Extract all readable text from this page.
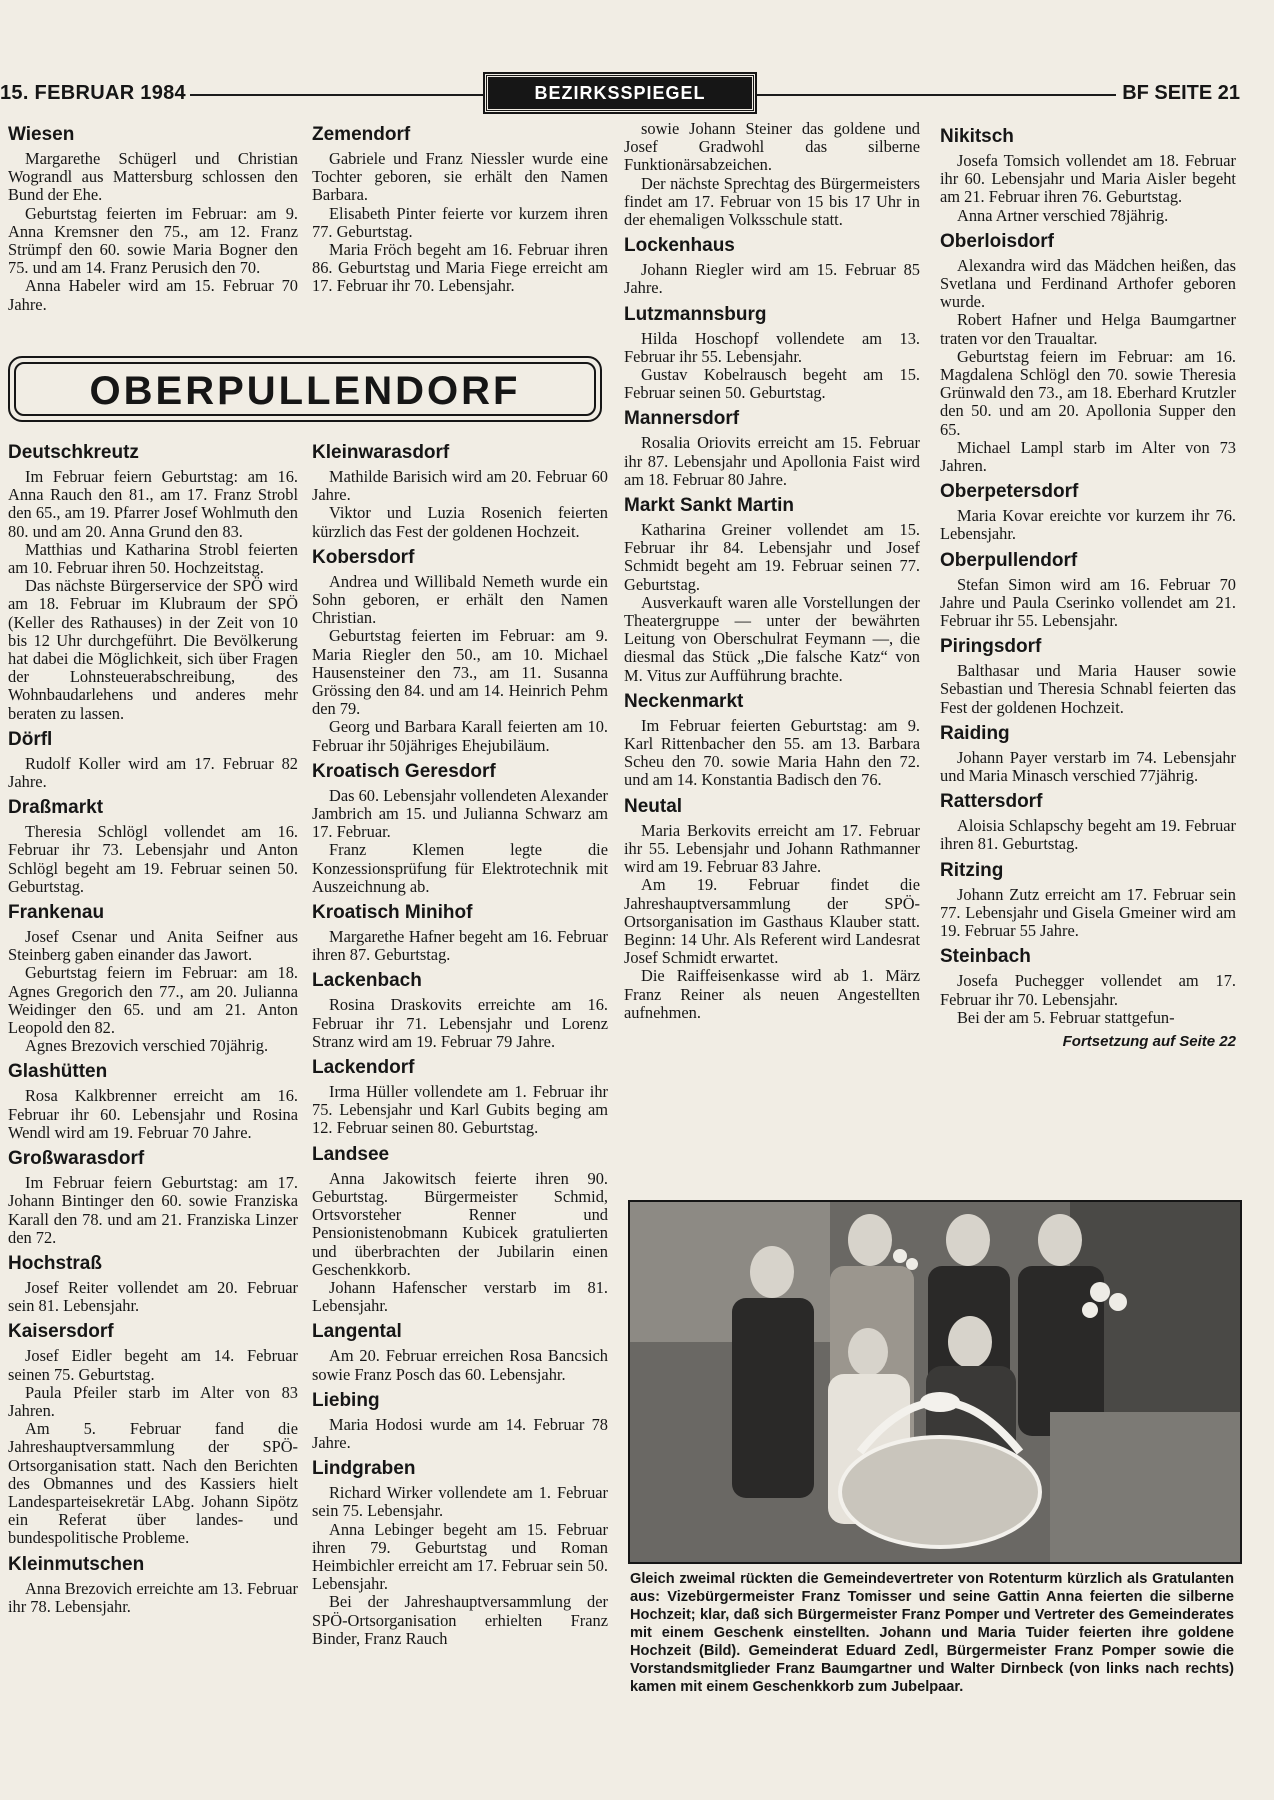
15. FEBRUAR 1984	BEZIRKSSPIEGEL	BF SEITE 21
Wiesen

Margarethe Schügerl und Christian Wograndl aus Mattersburg schlossen den Bund der Ehe.

Geburtstag feierten im Februar: am 9. Anna Kremsner den 75., am 12. Franz Strümpf den 60. sowie Maria Bogner den 75. und am 14. Franz Perusich den 70.

Anna Habeler wird am 15. Februar 70 Jahre.

Zemendorf

Gabriele und Franz Niessler wurde eine Tochter geboren, sie erhält den Namen Barbara.

Elisabeth Pinter feierte vor kurzem ihren 77. Geburtstag.

Maria Fröch begeht am 16. Februar ihren 86. Geburtstag und Maria Fiege erreicht am 17. Februar ihr 70. Lebensjahr.

OBERPULLENDORF
Deutschkreutz

Im Februar feiern Geburtstag: am 16. Anna Rauch den 81., am 17. Franz Strobl den 65., am 19. Pfarrer Josef Wohlmuth den 80. und am 20. Anna Grund den 83.

Matthias und Katharina Strobl feierten am 10. Februar ihren 50. Hochzeitstag.

Das nächste Bürgerservice der SPÖ wird am 18. Februar im Klubraum der SPÖ (Keller des Rathauses) in der Zeit von 10 bis 12 Uhr durchgeführt. Die Bevölkerung hat dabei die Möglichkeit, sich über Fragen der Lohnsteuerabschreibung, des Wohnbaudarlehens und anderes mehr beraten zu lassen.

Dörfl

Rudolf Koller wird am 17. Februar 82 Jahre.

Draßmarkt

Theresia Schlögl vollendet am 16. Februar ihr 73. Lebensjahr und Anton Schlögl begeht am 19. Februar seinen 50. Geburtstag.

Frankenau

Josef Csenar und Anita Seifner aus Steinberg gaben einander das Jawort.

Geburtstag feiern im Februar: am 18. Agnes Gregorich den 77., am 20. Julianna Weidinger den 65. und am 21. Anton Leopold den 82.

Agnes Brezovich verschied 70jährig.

Glashütten

Rosa Kalkbrenner erreicht am 16. Februar ihr 60. Lebensjahr und Rosina Wendl wird am 19. Februar 70 Jahre.

Großwarasdorf

Im Februar feiern Geburtstag: am 17. Johann Bintinger den 60. sowie Franziska Karall den 78. und am 21. Franziska Linzer den 72.

Hochstraß

Josef Reiter vollendet am 20. Februar sein 81. Lebensjahr.

Kaisersdorf

Josef Eidler begeht am 14. Februar seinen 75. Geburtstag.

Paula Pfeiler starb im Alter von 83 Jahren.

Am 5. Februar fand die Jahreshauptversammlung der SPÖ-Ortsorganisation statt. Nach den Berichten des Obmannes und des Kassiers hielt Landesparteisekretär LAbg. Johann Sipötz ein Referat über landes- und bundespolitische Probleme.

Kleinmutschen

Anna Brezovich erreichte am 13. Februar ihr 78. Lebensjahr.

Kleinwarasdorf

Mathilde Barisich wird am 20. Februar 60 Jahre.

Viktor und Luzia Rosenich feierten kürzlich das Fest der goldenen Hochzeit.

Kobersdorf

Andrea und Willibald Nemeth wurde ein Sohn geboren, er erhält den Namen Christian.

Geburtstag feierten im Februar: am 9. Maria Riegler den 50., am 10. Michael Hausensteiner den 73., am 11. Susanna Grössing den 84. und am 14. Heinrich Pehm den 79.

Georg und Barbara Karall feierten am 10. Februar ihr 50jähriges Ehejubiläum.

Kroatisch Geresdorf

Das 60. Lebensjahr vollendeten Alexander Jambrich am 15. und Julianna Schwarz am 17. Februar.

Franz Klemen legte die Konzessionsprüfung für Elektrotechnik mit Auszeichnung ab.

Kroatisch Minihof

Margarethe Hafner begeht am 16. Februar ihren 87. Geburtstag.

Lackenbach

Rosina Draskovits erreichte am 16. Februar ihr 71. Lebensjahr und Lorenz Stranz wird am 19. Februar 79 Jahre.

Lackendorf

Irma Hüller vollendete am 1. Februar ihr 75. Lebensjahr und Karl Gubits beging am 12. Februar seinen 80. Geburtstag.

Landsee

Anna Jakowitsch feierte ihren 90. Geburtstag. Bürgermeister Schmid, Ortsvorsteher Renner und Pensionistenobmann Kubicek gratulierten und überbrachten der Jubilarin einen Geschenkkorb.

Johann Hafenscher verstarb im 81. Lebensjahr.

Langental

Am 20. Februar erreichen Rosa Bancsich sowie Franz Posch das 60. Lebensjahr.

Liebing

Maria Hodosi wurde am 14. Februar 78 Jahre.

Lindgraben

Richard Wirker vollendete am 1. Februar sein 75. Lebensjahr.

Anna Lebinger begeht am 15. Februar ihren 79. Geburtstag und Roman Heimbichler erreicht am 17. Februar sein 50. Lebensjahr.

Bei der Jahreshauptversammlung der SPÖ-Ortsorganisation erhielten Franz Binder, Franz Rauch

sowie Johann Steiner das goldene und Josef Gradwohl das silberne Funktionärsabzeichen.

Der nächste Sprechtag des Bürgermeisters findet am 17. Februar von 15 bis 17 Uhr in der ehemaligen Volksschule statt.

Lockenhaus

Johann Riegler wird am 15. Februar 85 Jahre.

Lutzmannsburg

Hilda Hoschopf vollendete am 13. Februar ihr 55. Lebensjahr.

Gustav Kobelrausch begeht am 15. Februar seinen 50. Geburtstag.

Mannersdorf

Rosalia Oriovits erreicht am 15. Februar ihr 87. Lebensjahr und Apollonia Faist wird am 18. Februar 80 Jahre.

Markt Sankt Martin

Katharina Greiner vollendet am 15. Februar ihr 84. Lebensjahr und Josef Schmidt begeht am 19. Februar seinen 77. Geburtstag.

Ausverkauft waren alle Vorstellungen der Theatergruppe — unter der bewährten Leitung von Oberschulrat Feymann —, die diesmal das Stück „Die falsche Katz“ von M. Vitus zur Aufführung brachte.

Neckenmarkt

Im Februar feierten Geburtstag: am 9. Karl Rittenbacher den 55. am 13. Barbara Scheu den 70. sowie Maria Hahn den 72. und am 14. Konstantia Badisch den 76.

Neutal

Maria Berkovits erreicht am 17. Februar ihr 55. Lebensjahr und Johann Rathmanner wird am 19. Februar 83 Jahre.

Am 19. Februar findet die Jahreshauptversammlung der SPÖ-Ortsorganisation im Gasthaus Klauber statt. Beginn: 14 Uhr. Als Referent wird Landesrat Josef Schmidt erwartet.

Die Raiffeisenkasse wird ab 1. März Franz Reiner als neuen Angestellten aufnehmen.

Nikitsch

Josefa Tomsich vollendet am 18. Februar ihr 60. Lebensjahr und Maria Aisler begeht am 21. Februar ihren 76. Geburtstag.

Anna Artner verschied 78jährig.

Oberloisdorf

Alexandra wird das Mädchen heißen, das Svetlana und Ferdinand Arthofer geboren wurde.

Robert Hafner und Helga Baumgartner traten vor den Traualtar.

Geburtstag feiern im Februar: am 16. Magdalena Schlögl den 70. sowie Theresia Grünwald den 73., am 18. Eberhard Krutzler den 50. und am 20. Apollonia Supper den 65.

Michael Lampl starb im Alter von 73 Jahren.

Oberpetersdorf

Maria Kovar ereichte vor kurzem ihr 76. Lebensjahr.

Oberpullendorf

Stefan Simon wird am 16. Februar 70 Jahre und Paula Cserinko vollendet am 21. Februar ihr 55. Lebensjahr.

Piringsdorf

Balthasar und Maria Hauser sowie Sebastian und Theresia Schnabl feierten das Fest der goldenen Hochzeit.

Raiding

Johann Payer verstarb im 74. Lebensjahr und Maria Minasch verschied 77jährig.

Rattersdorf

Aloisia Schlapschy begeht am 19. Februar ihren 81. Geburtstag.

Ritzing

Johann Zutz erreicht am 17. Februar sein 77. Lebensjahr und Gisela Gmeiner wird am 19. Februar 55 Jahre.

Steinbach

Josefa Puchegger vollendet am 17. Februar ihr 70. Lebensjahr.

Bei der am 5. Februar stattgefun-

Fortsetzung auf Seite 22
Gleich zweimal rückten die Gemeindevertreter von Rotenturm kürzlich als Gratulanten aus: Vizebürgermeister Franz Tomisser und seine Gattin Anna feierten die silberne Hochzeit; klar, daß sich Bürgermeister Franz Pomper und Vertreter des Gemeinderates mit einem Geschenk einstellten. Johann und Maria Tuider feierten ihre goldene Hochzeit (Bild). Gemeinderat Eduard Zedl, Bürgermeister Franz Pomper sowie die Vorstandsmitglieder Franz Baumgartner und Walter Dirnbeck (von links nach rechts) kamen mit einem Geschenkkorb zum Jubelpaar.
